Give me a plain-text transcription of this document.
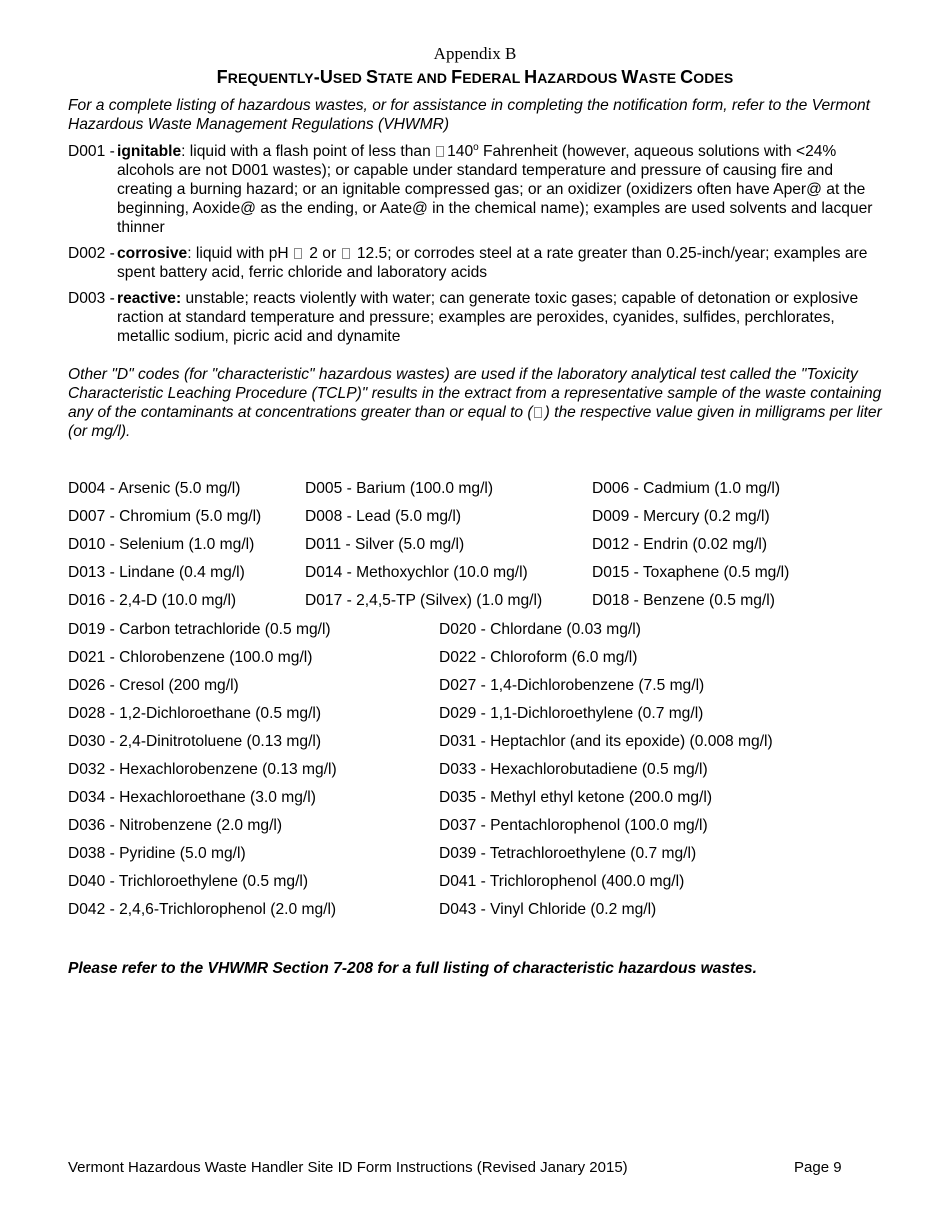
Appendix B
FREQUENTLY-USED STATE AND FEDERAL HAZARDOUS WASTE CODES
For a complete listing of hazardous wastes, or for assistance in completing the notification form, refer to the Vermont Hazardous Waste Management Regulations (VHWMR)
D001 - ignitable: liquid with a flash point of less than 140$^o$ Fahrenheit (however, aqueous solutions with <24% alcohols are not D001 wastes); or capable under standard temperature and pressure of causing fire and creating a burning hazard; or an ignitable compressed gas; or an oxidizer (oxidizers often have Aper@ at the beginning, Aoxide@ as the ending, or Aate@ in the chemical name); examples are used solvents and lacquer thinner
D002 - corrosive: liquid with pH  2 or  12.5; or corrodes steel at a rate greater than 0.25-inch/year; examples are spent battery acid, ferric chloride and laboratory acids
D003 - reactive: unstable; reacts violently with water; can generate toxic gases; capable of detonation or explosive raction at standard temperature and pressure; examples are peroxides, cyanides, sulfides, perchlorates, metallic sodium, picric acid and dynamite
Other "D" codes (for "characteristic" hazardous wastes) are used if the laboratory analytical test called the "Toxicity Characteristic Leaching Procedure (TCLP)" results in the extract from a representative sample of the waste containing any of the contaminants at concentrations greater than or equal to ( ) the respective value given in milligrams per liter (or mg/l).
D004 - Arsenic (5.0 mg/l)	D005 - Barium (100.0 mg/l)	D006 - Cadmium (1.0 mg/l)
D007 - Chromium (5.0 mg/l)	D008 - Lead (5.0 mg/l)	D009 - Mercury (0.2 mg/l)
D010 - Selenium (1.0 mg/l)	D011 - Silver (5.0 mg/l)	D012 - Endrin (0.02 mg/l)
D013 - Lindane (0.4 mg/l)	D014 - Methoxychlor (10.0 mg/l)	D015 - Toxaphene (0.5 mg/l)
D016 - 2,4-D (10.0 mg/l)	D017 - 2,4,5-TP (Silvex) (1.0 mg/l)	D018 - Benzene (0.5 mg/l)
D019 - Carbon tetrachloride (0.5 mg/l)	D020 - Chlordane (0.03 mg/l)
D021 - Chlorobenzene (100.0 mg/l)	D022 - Chloroform (6.0 mg/l)
D026 - Cresol (200 mg/l)	D027 - 1,4-Dichlorobenzene (7.5 mg/l)
D028 - 1,2-Dichloroethane (0.5 mg/l)	D029 - 1,1-Dichloroethylene (0.7 mg/l)
D030 - 2,4-Dinitrotoluene (0.13 mg/l)	D031 - Heptachlor (and its epoxide) (0.008 mg/l)
D032 - Hexachlorobenzene (0.13 mg/l)	D033 - Hexachlorobutadiene (0.5 mg/l)
D034 - Hexachloroethane (3.0 mg/l)	D035 - Methyl ethyl ketone (200.0 mg/l)
D036 - Nitrobenzene (2.0 mg/l)	D037 - Pentachlorophenol (100.0 mg/l)
D038 - Pyridine (5.0 mg/l)	D039 - Tetrachloroethylene (0.7 mg/l)
D040 - Trichloroethylene (0.5 mg/l)	D041 - Trichlorophenol (400.0 mg/l)
D042 - 2,4,6-Trichlorophenol (2.0 mg/l)	D043 - Vinyl Chloride (0.2 mg/l)
Please refer to the VHWMR Section 7-208 for a full listing of characteristic hazardous wastes.
Vermont Hazardous Waste Handler Site ID Form Instructions (Revised Janary 2015)	Page 9
